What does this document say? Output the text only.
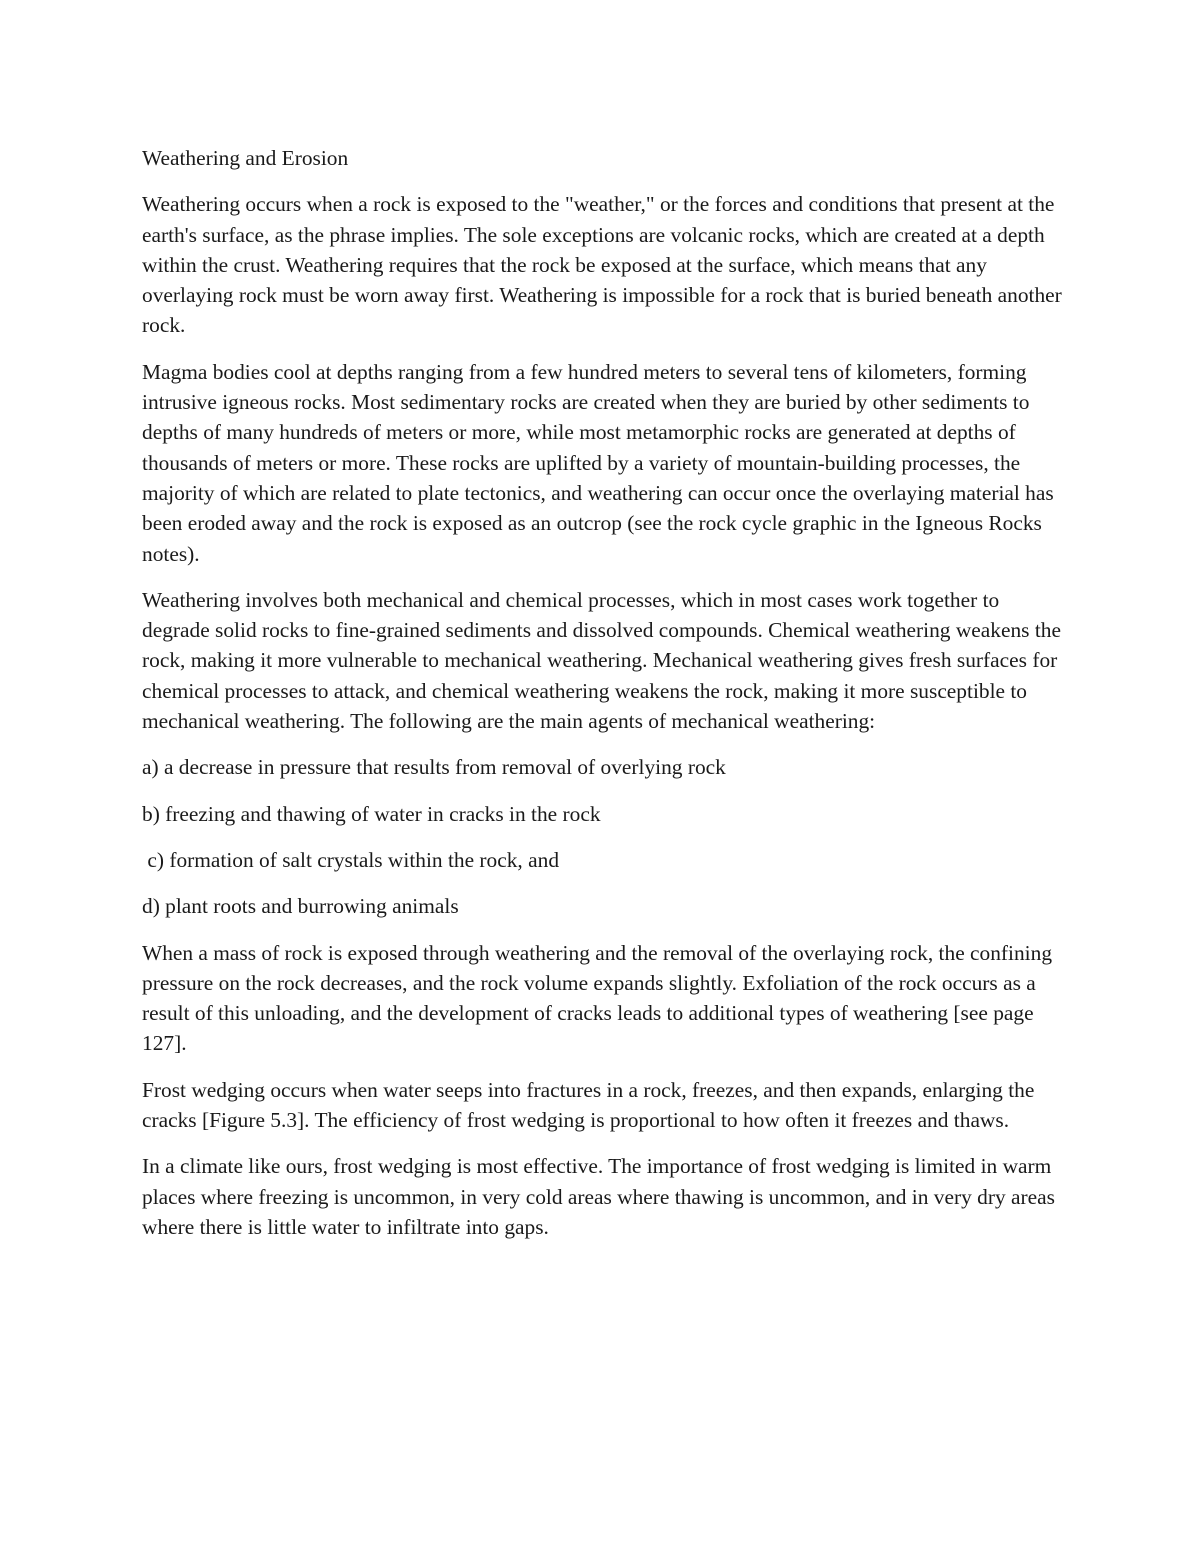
Weathering and Erosion

Weathering occurs when a rock is exposed to the "weather," or the forces and conditions that present at the earth's surface, as the phrase implies. The sole exceptions are volcanic rocks, which are created at a depth within the crust. Weathering requires that the rock be exposed at the surface, which means that any overlaying rock must be worn away first. Weathering is impossible for a rock that is buried beneath another rock.

Magma bodies cool at depths ranging from a few hundred meters to several tens of kilometers, forming intrusive igneous rocks. Most sedimentary rocks are created when they are buried by other sediments to depths of many hundreds of meters or more, while most metamorphic rocks are generated at depths of thousands of meters or more. These rocks are uplifted by a variety of mountain-building processes, the majority of which are related to plate tectonics, and weathering can occur once the overlaying material has been eroded away and the rock is exposed as an outcrop (see the rock cycle graphic in the Igneous Rocks notes).

Weathering involves both mechanical and chemical processes, which in most cases work together to degrade solid rocks to fine-grained sediments and dissolved compounds. Chemical weathering weakens the rock, making it more vulnerable to mechanical weathering. Mechanical weathering gives fresh surfaces for chemical processes to attack, and chemical weathering weakens the rock, making it more susceptible to mechanical weathering. The following are the main agents of mechanical weathering:

a) a decrease in pressure that results from removal of overlying rock

b) freezing and thawing of water in cracks in the rock

c) formation of salt crystals within the rock, and

d) plant roots and burrowing animals

When a mass of rock is exposed through weathering and the removal of the overlaying rock, the confining pressure on the rock decreases, and the rock volume expands slightly. Exfoliation of the rock occurs as a result of this unloading, and the development of cracks leads to additional types of weathering [see page 127].

Frost wedging occurs when water seeps into fractures in a rock, freezes, and then expands, enlarging the cracks [Figure 5.3]. The efficiency of frost wedging is proportional to how often it freezes and thaws.

In a climate like ours, frost wedging is most effective. The importance of frost wedging is limited in warm places where freezing is uncommon, in very cold areas where thawing is uncommon, and in very dry areas where there is little water to infiltrate into gaps.
